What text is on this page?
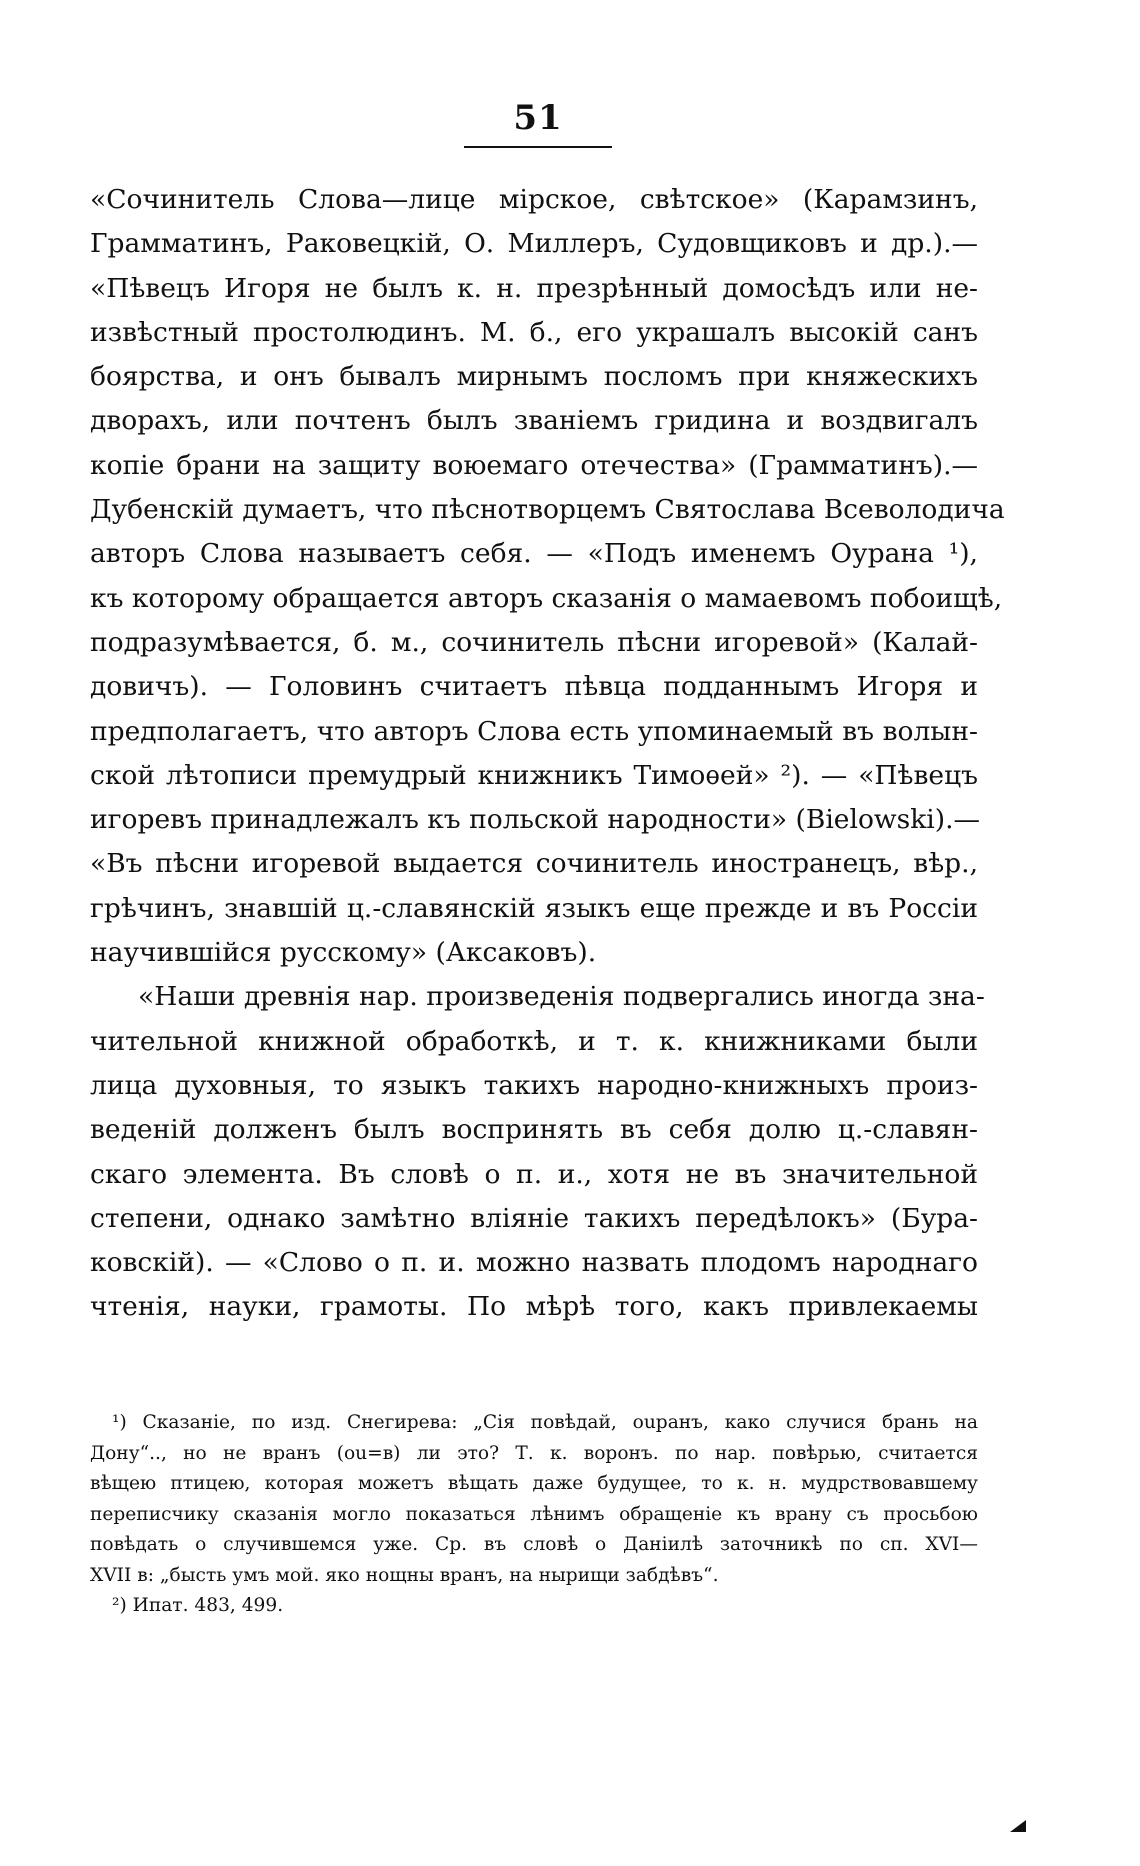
51
«Сочинитель Слова—лице мірское, свѣтское» (Карамзинъ,
Грамматинъ, Раковецкій, О. Миллеръ, Судовщиковъ и др.).—
«Пѣвецъ Игоря не былъ к. н. презрѣнный домосѣдъ или не-
извѣстный простолюдинъ. М. б., его украшалъ высокій санъ
боярства, и онъ бывалъ мирнымъ посломъ при княжескихъ
дворахъ, или почтенъ былъ званіемъ гридина и воздвигалъ
копіе брани на защиту воюемаго отечества» (Грамматинъ).—
Дубенскій думаетъ, что пѣснотворцемъ Святослава Всеволодича
авторъ Слова называетъ себя. — «Подъ именемъ Оурана ¹),
къ которому обращается авторъ сказанія о мамаевомъ побоищѣ,
подразумѣвается, б. м., сочинитель пѣсни игоревой» (Калай-
довичъ). — Головинъ считаетъ пѣвца подданнымъ Игоря и
предполагаетъ, что авторъ Слова есть упоминаемый въ волын-
ской лѣтописи премудрый книжникъ Тимоѳей» ²). — «Пѣвецъ
игоревъ принадлежалъ къ польской народности» (Bielowski).—
«Въ пѣсни игоревой выдается сочинитель иностранецъ, вѣр.,
грѣчинъ, знавшій ц.-славянскій языкъ еще прежде и въ Россіи
научившійся русскому» (Аксаковъ).
«Наши древнія нар. произведенія подвергались иногда зна-
чительной книжной обработкѣ, и т. к. книжниками были
лица духовныя, то языкъ такихъ народно-книжныхъ произ-
веденій долженъ былъ воспринять въ себя долю ц.-славян-
скаго элемента. Въ словѣ о п. и., хотя не въ значительной
степени, однако замѣтно вліяніе такихъ передѣлокъ» (Бура-
ковскій). — «Слово о п. и. можно назвать плодомъ народнаго
чтенія, науки, грамоты. По мѣрѣ того, какъ привлекаемы
¹) Сказаніе, по изд. Снегирева: „Сія повѣдай, ouранъ, како случися брань на
Дону“.., но не вранъ (ou=в) ли это? Т. к. воронъ. по нар. повѣрью, считается
вѣщею птицею, которая можетъ вѣщать даже будущее, то к. н. мудрствовавшему
переписчику сказанія могло показаться лѣнимъ обращеніе къ врану съ просьбою
повѣдать о случившемся уже. Ср. въ словѣ о Даніилѣ заточникѣ по сп. XVI—
XVII в: „бысть умъ мой. яко нощны вранъ, на нырищи забдѣвъ“.
²) Ипат. 483, 499.
